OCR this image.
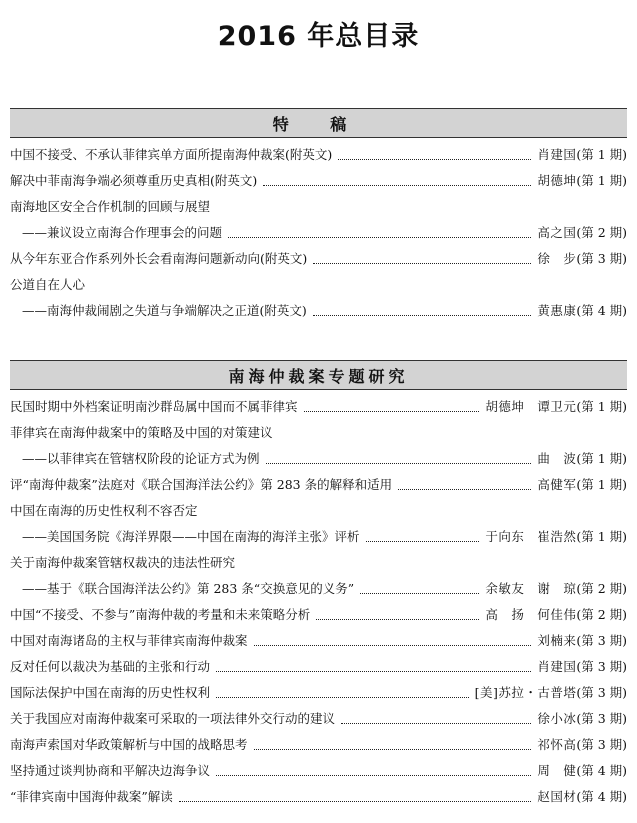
2016 年总目录
特 稿
中国不接受、不承认菲律宾单方面所提南海仲裁案(附英文)	肖建国 (第 1 期)
解决中菲南海争端必须尊重历史真相(附英文)	胡德坤 (第 1 期)
南海地区安全合作机制的回顾与展望
——兼议设立南海合作理事会的问题	高之国 (第 2 期)
从今年东亚合作系列外长会看南海问题新动向(附英文)	徐　步 (第 3 期)
公道自在人心
——南海仲裁闹剧之失道与争端解决之正道(附英文)	黄惠康 (第 4 期)
南海仲裁案专题研究
民国时期中外档案证明南沙群岛属中国而不属菲律宾	胡德坤　谭卫元 (第 1 期)
菲律宾在南海仲裁案中的策略及中国的对策建议
——以菲律宾在管辖权阶段的论证方式为例	曲　波 (第 1 期)
评“南海仲裁案”法庭对《联合国海洋法公约》第 283 条的解释和适用	高健军 (第 1 期)
中国在南海的历史性权利不容否定
——美国国务院《海洋界限——中国在南海的海洋主张》评析	于向东　崔浩然 (第 1 期)
关于南海仲裁案管辖权裁决的违法性研究
——基于《联合国海洋法公约》第 283 条“交换意见的义务”	余敏友　谢　琼 (第 2 期)
中国“不接受、不参与”南海仲裁的考量和未来策略分析	高　扬　何佳伟 (第 2 期)
中国对南海诸岛的主权与菲律宾南海仲裁案	刘楠来 (第 3 期)
反对任何以裁决为基础的主张和行动	肖建国 (第 3 期)
国际法保护中国在南海的历史性权利	[美]苏拉・古普塔 (第 3 期)
关于我国应对南海仲裁案可采取的一项法律外交行动的建议	徐小冰 (第 3 期)
南海声索国对华政策解析与中国的战略思考	祁怀高 (第 3 期)
坚持通过谈判协商和平解决边海争议	周　健 (第 4 期)
“菲律宾南中国海仲裁案”解读	赵国材 (第 4 期)
